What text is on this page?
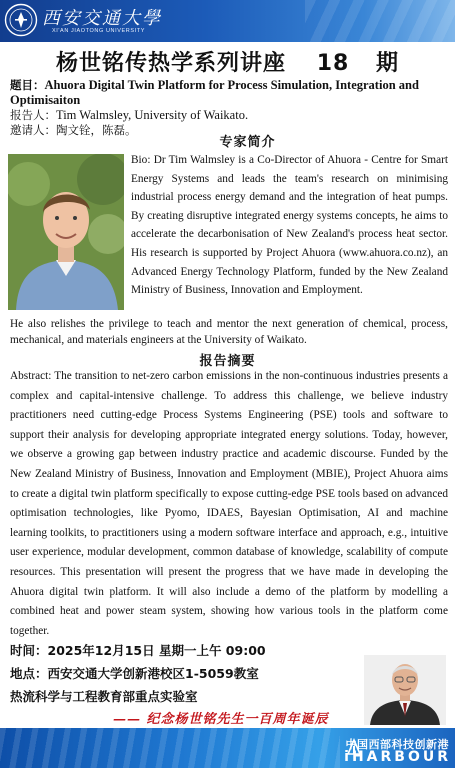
西安交通大學
XI'AN JIAOTONG UNIVERSITY
杨世铭传热学系列讲座 18 期
题目：Ahuora Digital Twin Platform for Process Simulation, Integration and Optimisaiton
报告人：Tim Walmsley, University of Waikato.
邀请人：陶文铨，陈磊。
专家简介
Bio: Dr Tim Walmsley is a Co-Director of Ahuora - Centre for Smart Energy Systems and leads the team's research on minimising industrial process energy demand and the integration of heat pumps. By creating disruptive integrated energy systems concepts, he aims to accelerate the decarbonisation of New Zealand's process heat sector. His research is supported by Project Ahuora (www.ahuora.co.nz), an Advanced Energy Technology Platform, funded by the New Zealand Ministry of Business, Innovation and Employment.
He also relishes the privilege to teach and mentor the next generation of chemical, process, mechanical, and materials engineers at the University of Waikato.
报告摘要
Abstract: The transition to net-zero carbon emissions in the non-continuous industries presents a complex and capital-intensive challenge. To address this challenge, we believe industry practitioners need cutting-edge Process Systems Engineering (PSE) tools and software to support their analysis for developing appropriate integrated energy solutions. Today, however, we observe a growing gap between industry practice and academic discourse. Funded by the New Zealand Ministry of Business, Innovation and Employment (MBIE), Project Ahuora aims to create a digital twin platform specifically to expose cutting-edge PSE tools based on advanced optimisation technologies, like Pyomo, IDAES, Bayesian Optimisation, AI and machine learning toolkits, to practitioners using a modern software interface and approach, e.g., intuitive user experience, modular development, common database of knowledge, scalability of compute resources. This presentation will present the progress that we have made in developing the Ahuora digital twin platform. It will also include a demo of the platform by modelling a combined heat and power steam system, showing how various tools in the platform come together.
时间：2025年12月15日 星期一上午 09:00
地点：西安交通大学创新港校区1-5059教室
热流科学与工程教育部重点实验室
—— 纪念杨世铭先生一百周年诞辰
中国西部科技创新港
iHARBOUR
